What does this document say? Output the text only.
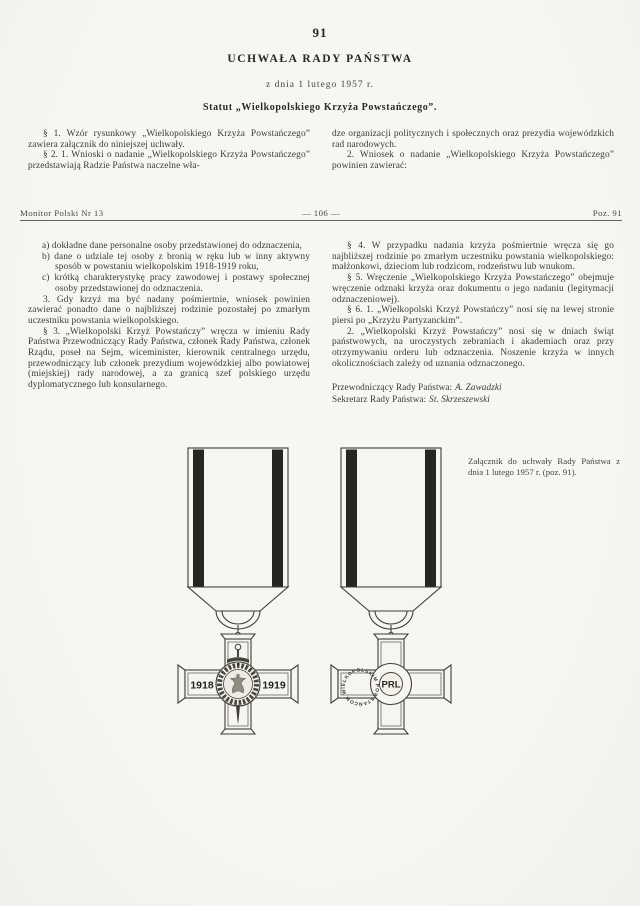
91
UCHWAŁA RADY PAŃSTWA
z dnia 1 lutego 1957 r.
Statut „Wielkopolskiego Krzyża Powstańczego”.

§ 1. Wzór rysunkowy „Wielkopolskiego Krzyża Powstańczego” zawiera załącznik do niniejszej uchwały.

§ 2. 1. Wnioski o nadanie „Wielkopolskiego Krzyża Powstańczego” przedstawiają Radzie Państwa naczelne wła-

dze organizacji politycznych i społecznych oraz prezydia wojewódzkich rad narodowych.

2. Wniosek o nadanie „Wielkopolskiego Krzyża Powstańczego” powinien zawierać:

Monitor Polski Nr 13	— 106 —	Poz. 91

a) dokładne dane personalne osoby przedstawionej do odznaczenia,

b) dane o udziale tej osoby z bronią w ręku lub w inny aktywny sposób w powstaniu wielkopolskim 1918-1919 roku,

c) krótką charakterystykę pracy zawodowej i postawy społecznej osoby przedstawionej do odznaczenia.

3. Gdy krzyż ma być nadany pośmiertnie, wniosek powinien zawierać ponadto dane o najbliższej rodzinie pozostałej po zmarłym uczestniku powstania wielkopolskiego.

§ 3. „Wielkopolski Krzyż Powstańczy” wręcza w imieniu Rady Państwa Przewodniczący Rady Państwa, członek Rady Państwa, członek Rządu, poseł na Sejm, wiceminister, kierownik centralnego urzędu, przewodniczący lub członek prezydium wojewódzkiej albo powiatowej (miejskiej) rady narodowej, a za granicą szef polskiego urzędu dyplomatycznego lub konsularnego.

§ 4. W przypadku nadania krzyża pośmiertnie wręcza się go najbliższej rodzinie po zmarłym uczestniku powstania wielkopolskiego: małżonkowi, dzieciom lub rodzicom, rodzeństwu lub wnukom.

§ 5. Wręczenie „Wielkopolskiego Krzyża Powstańczego” obejmuje wręczenie odznaki krzyża oraz dokumentu o jego nadaniu (legitymacji odznaczeniowej).

§ 6. 1. „Wielkopolski Krzyż Powstańczy” nosi się na lewej stronie piersi po „Krzyżu Partyzanckim”.

2. „Wielkopolski Krzyż Powstańczy” nosi się w dniach świąt państwowych, na uroczystych zebraniach i akademiach oraz przy otrzymywaniu orderu lub odznaczenia. Noszenie krzyża w innych okolicznościach zależy od uznania odznaczonego.

Przewodniczący Rady Państwa: A. Zawadzki
Sekretarz Rady Państwa: St. Skrzeszewski
Załącznik do uchwały Rady Państwa z dnia 1 lutego 1957 r. (poz. 91).
1918	1919	POWSTAŃCOM WIELKOPOLSKIM PRL
